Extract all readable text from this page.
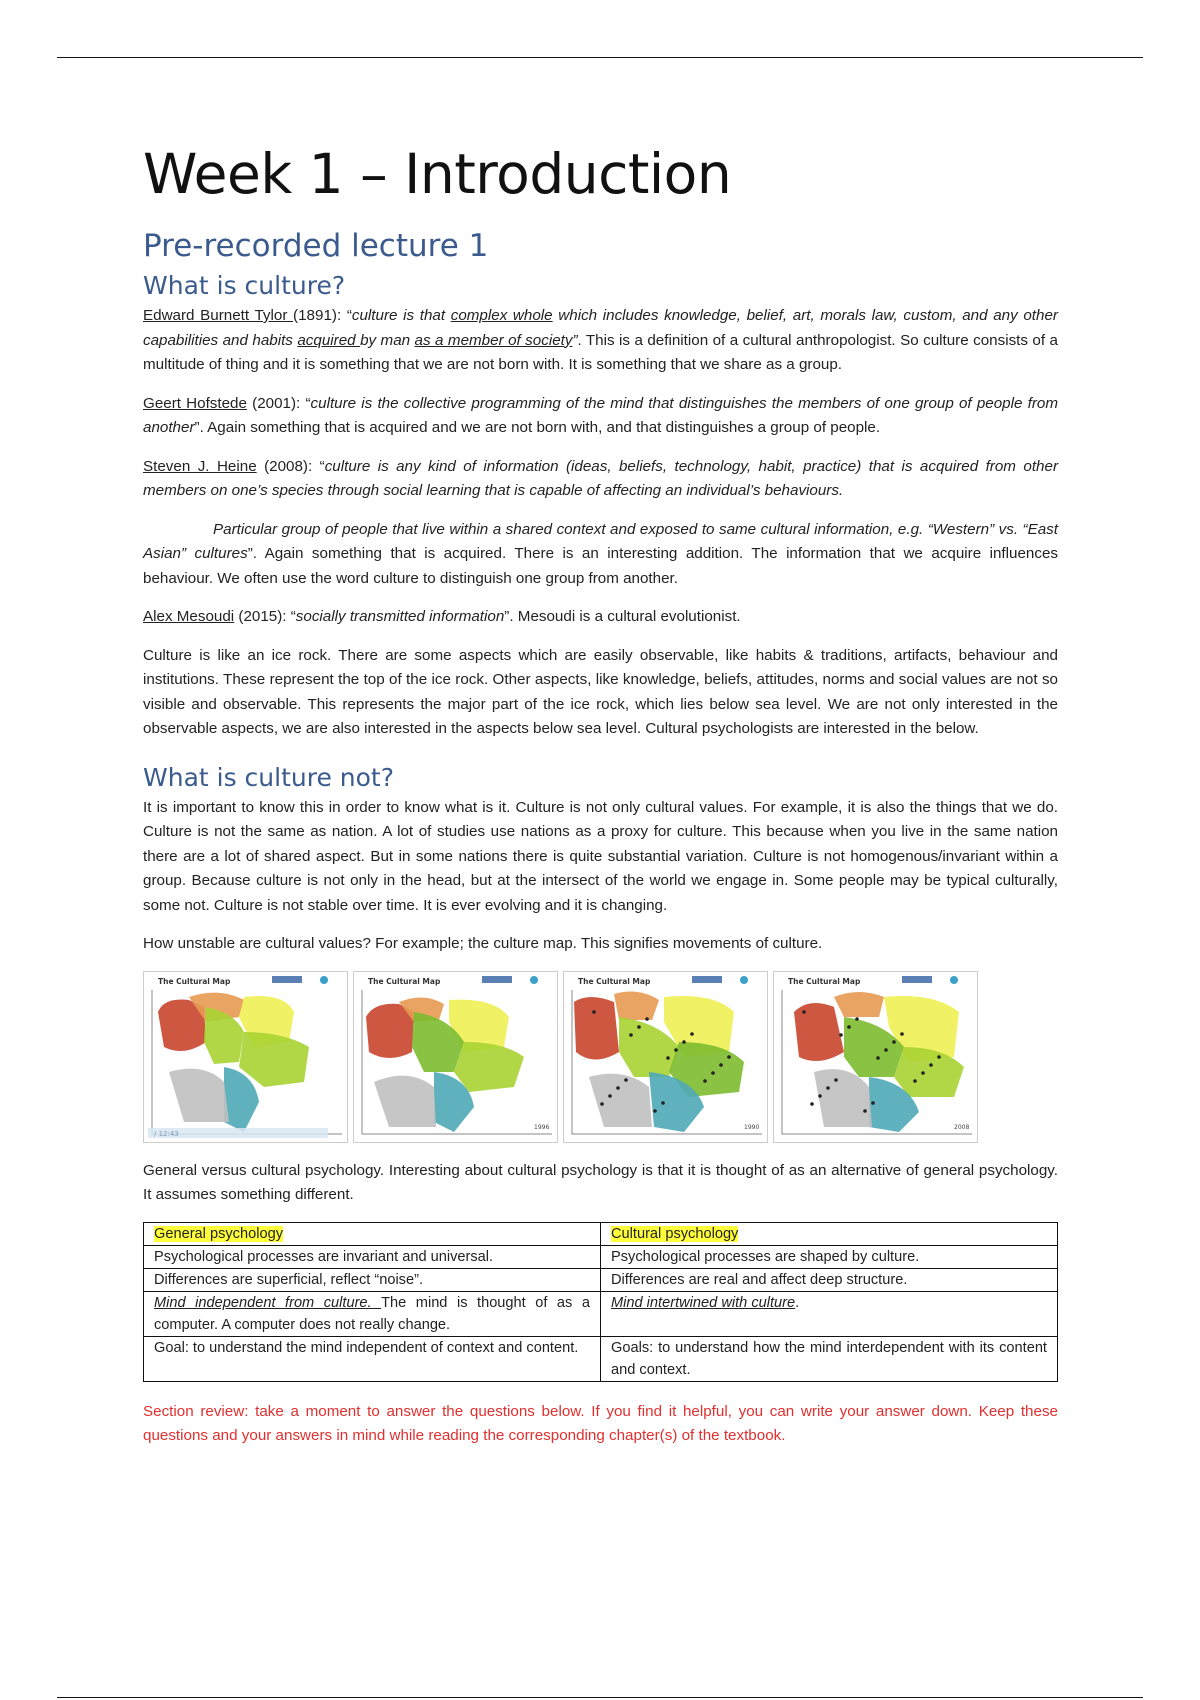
Week 1 – Introduction
Pre-recorded lecture 1
What is culture?

Edward Burnett Tylor (1891): “culture is that complex whole which includes knowledge, belief, art, morals law, custom, and any other capabilities and habits acquired by man as a member of society”. This is a definition of a cultural anthropologist. So culture consists of a multitude of thing and it is something that we are not born with. It is something that we share as a group.

Geert Hofstede (2001): “culture is the collective programming of the mind that distinguishes the members of one group of people from another”. Again something that is acquired and we are not born with, and that distinguishes a group of people.

Steven J. Heine (2008): “culture is any kind of information (ideas, beliefs, technology, habit, practice) that is acquired from other members on one’s species through social learning that is capable of affecting an individual’s behaviours.

Particular group of people that live within a shared context and exposed to same cultural information, e.g. “Western” vs. “East Asian” cultures”. Again something that is acquired. There is an interesting addition. The information that we acquire influences behaviour. We often use the word culture to distinguish one group from another.

Alex Mesoudi (2015): “socially transmitted information”. Mesoudi is a cultural evolutionist.

Culture is like an ice rock. There are some aspects which are easily observable, like habits & traditions, artifacts, behaviour and institutions. These represent the top of the ice rock. Other aspects, like knowledge, beliefs, attitudes, norms and social values are not so visible and observable. This represents the major part of the ice rock, which lies below sea level. We are not only interested in the observable aspects, we are also interested in the aspects below sea level. Cultural psychologists are interested in the below.

What is culture not?

It is important to know this in order to know what is it. Culture is not only cultural values. For example, it is also the things that we do. Culture is not the same as nation. A lot of studies use nations as a proxy for culture. This because when you live in the same nation there are a lot of shared aspect. But in some nations there is quite substantial variation. Culture is not homogenous/invariant within a group. Because culture is not only in the head, but at the intersect of the world we engage in. Some people may be typical culturally, some not. Culture is not stable over time. It is ever evolving and it is changing.

How unstable are cultural values? For example; the culture map. This signifies movements of culture.

The Cultural Map
/ 12:43
The Cultural Map
1996
The Cultural Map
1990
The Cultural Map
2008

General versus cultural psychology. Interesting about cultural psychology is that it is thought of as an alternative of general psychology. It assumes something different.

General psychology	Cultural psychology
Psychological processes are invariant and universal.	Psychological processes are shaped by culture.
Differences are superficial, reflect “noise”.	Differences are real and affect deep structure.
Mind independent from culture. The mind is thought of as a computer. A computer does not really change.	Mind intertwined with culture.
Goal: to understand the mind independent of context and content.	Goals: to understand how the mind interdependent with its content and context.

Section review: take a moment to answer the questions below. If you find it helpful, you can write your answer down. Keep these questions and your answers in mind while reading the corresponding chapter(s) of the textbook.
